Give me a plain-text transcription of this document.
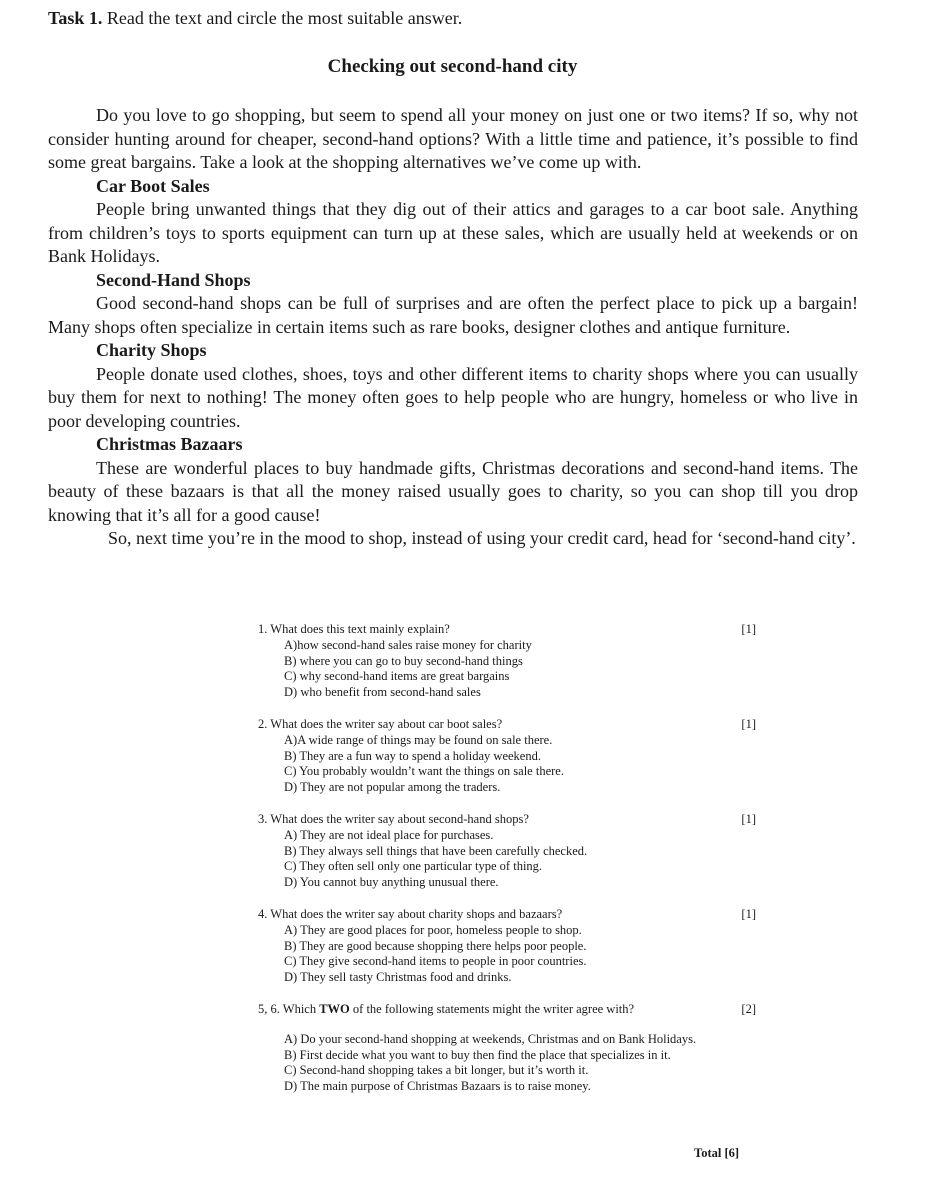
Task 1. Read the text and circle the most suitable answer.
Checking out second-hand city

Do you love to go shopping, but seem to spend all your money on just one or two items? If so, why not consider hunting around for cheaper, second-hand options? With a little time and patience, it’s possible to find some great bargains. Take a look at the shopping alternatives we’ve come up with.

Car Boot Sales

People bring unwanted things that they dig out of their attics and garages to a car boot sale. Anything from children’s toys to sports equipment can turn up at these sales, which are usually held at weekends or on Bank Holidays.

Second-Hand Shops

Good second-hand shops can be full of surprises and are often the perfect place to pick up a bargain! Many shops often specialize in certain items such as rare books, designer clothes and antique furniture.

Charity Shops

People donate used clothes, shoes, toys and other different items to charity shops where you can usually buy them for next to nothing! The money often goes to help people who are hungry, homeless or who live in poor developing countries.

Christmas Bazaars

These are wonderful places to buy handmade gifts, Christmas decorations and second-hand items. The beauty of these bazaars is that all the money raised usually goes to charity, so you can shop till you drop knowing that it’s all for a good cause!

So, next time you’re in the mood to shop, instead of using your credit card, head for ‘second-hand city’.

1. What does this text mainly explain?	[1]
A)how second-hand sales raise money for charity
B) where you can go to buy second-hand things
C) why second-hand items are great bargains
D) who benefit from second-hand sales
2. What does the writer say about car boot sales?	[1]
A)A wide range of things may be found on sale there.
B) They are a fun way to spend a holiday weekend.
C) You probably wouldn’t want the things on sale there.
D) They are not popular among the traders.
3. What does the writer say about second-hand shops?	[1]
A) They are not ideal place for purchases.
B) They always sell things that have been carefully checked.
C) They often sell only one particular type of thing.
D) You cannot buy anything unusual there.
4. What does the writer say about charity shops and bazaars?	[1]
A) They are good places for poor, homeless people to shop.
B) They are good because shopping there helps poor people.
C) They give second-hand items to people in poor countries.
D) They sell tasty Christmas food and drinks.
5, 6. Which TWO of the following statements might the writer agree with?	[2]
A) Do your second-hand shopping at weekends, Christmas and on Bank Holidays.
B) First decide what you want to buy then find the place that specializes in it.
C) Second-hand shopping takes a bit longer, but it’s worth it.
D) The main purpose of Christmas Bazaars is to raise money.
Total [6]
